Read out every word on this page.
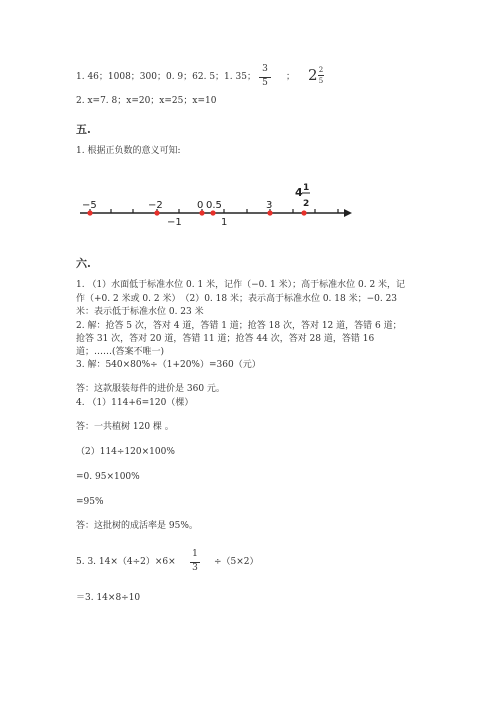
1. 46；1008；300；0. 9；62. 5；1. 35；
3
5
； 2 2
5
2. x=7. 8；x=20；x=25；x=10
五.
1. 根据正负数的意义可知:
−5	−2	0 0.5	3
−1	1
4 1
2
六.
1. （1）水面低于标准水位 0. 1 米，记作（−0. 1 米）；高于标准水位 0. 2 米，记
作（+0. 2 米或 0. 2 米）　（2）0. 18 米；表示高于标准水位 0. 18 米；−0. 23
米：表示低于标准水位 0. 23 米
2. 解：抢答 5 次，答对 4 道，答错 1 道；抢答 18 次，答对 12 道，答错 6 道；
抢答 31 次，答对 20 道，答错 11 道；抢答 44 次，答对 28 道，答错 16
道；……(答案不唯一)
3. 解：540×80%÷（1+20%）=360（元）
答：这款服装每件的进价是 360 元。
4. （1）114+6=120（棵）
答：一共植树 120 棵 。
（2）114÷120×100%
=0. 95×100%
=95%
答：这批树的成活率是 95%。
5. 3. 14×（4÷2）×6×
1
3
÷（5×2）
＝3. 14×8÷10
